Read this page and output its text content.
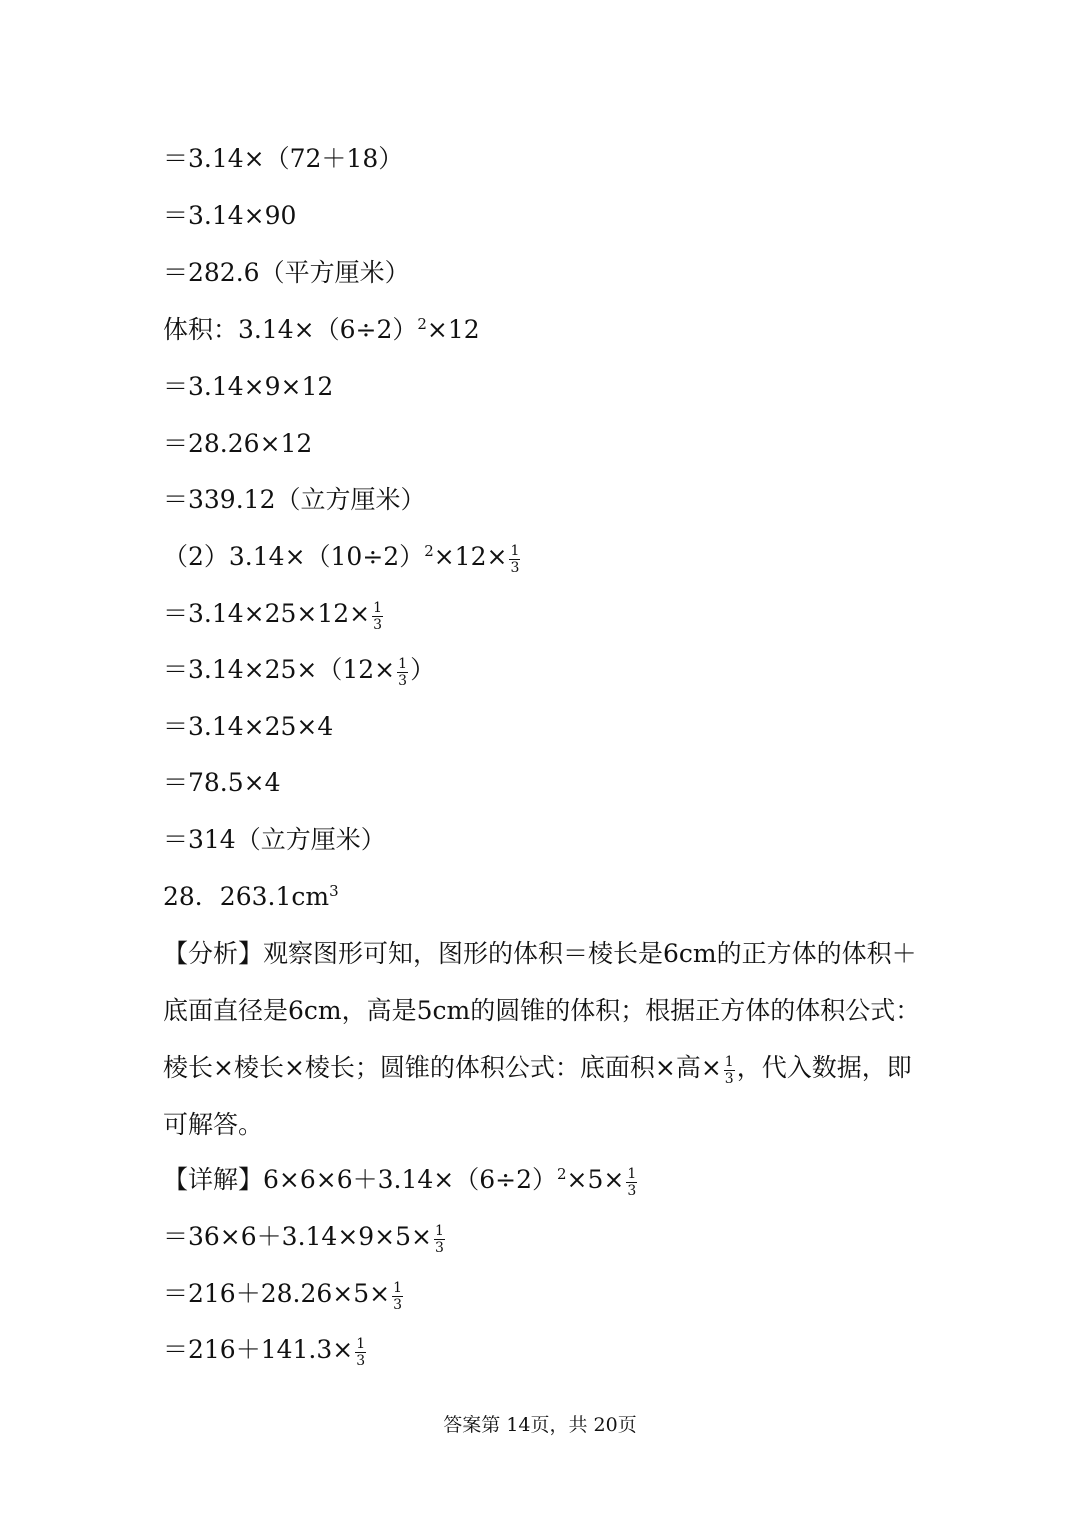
＝3.14×（72＋18）
＝3.14×90
＝282.6（平方厘米）
体积：$3.14\times(6\div 2)^2\times 12$
＝3.14×9×12
＝28.26×12
＝339.12（立方厘米）
$(2)3.14\times(10\div 2)^2\times 12\times \frac{1}{3}$
$=3.14\times 25\times 12\times \frac{1}{3}$
$=3.14\times 25\times(12\times \frac{1}{3}$ ）
＝3.14×25×4
＝78.5×4
＝314（立方厘米）
28．$263.1cm^3$
【分析】观察图形可知，图形的体积＝棱长是6cm的正方体的体积＋底面直径是6cm，高是5cm的圆锥的体积；根据正方体的体积公式：棱长×棱长×棱长；圆锥的体积公式：底面积×高× $\frac{1}{3}$ ，代入数据，即可解答。
【详解】$6\times 6\times 6+3.14\times(6\div 2)^2\times 5\times \frac{1}{3}$
$=36\times 6+3.14\times 9\times 5\times \frac{1}{3}$
$=216+28.26\times 5\times \frac{1}{3}$
$=216+141.3\times \frac{1}{3}$
答案第 14页，共 20页
